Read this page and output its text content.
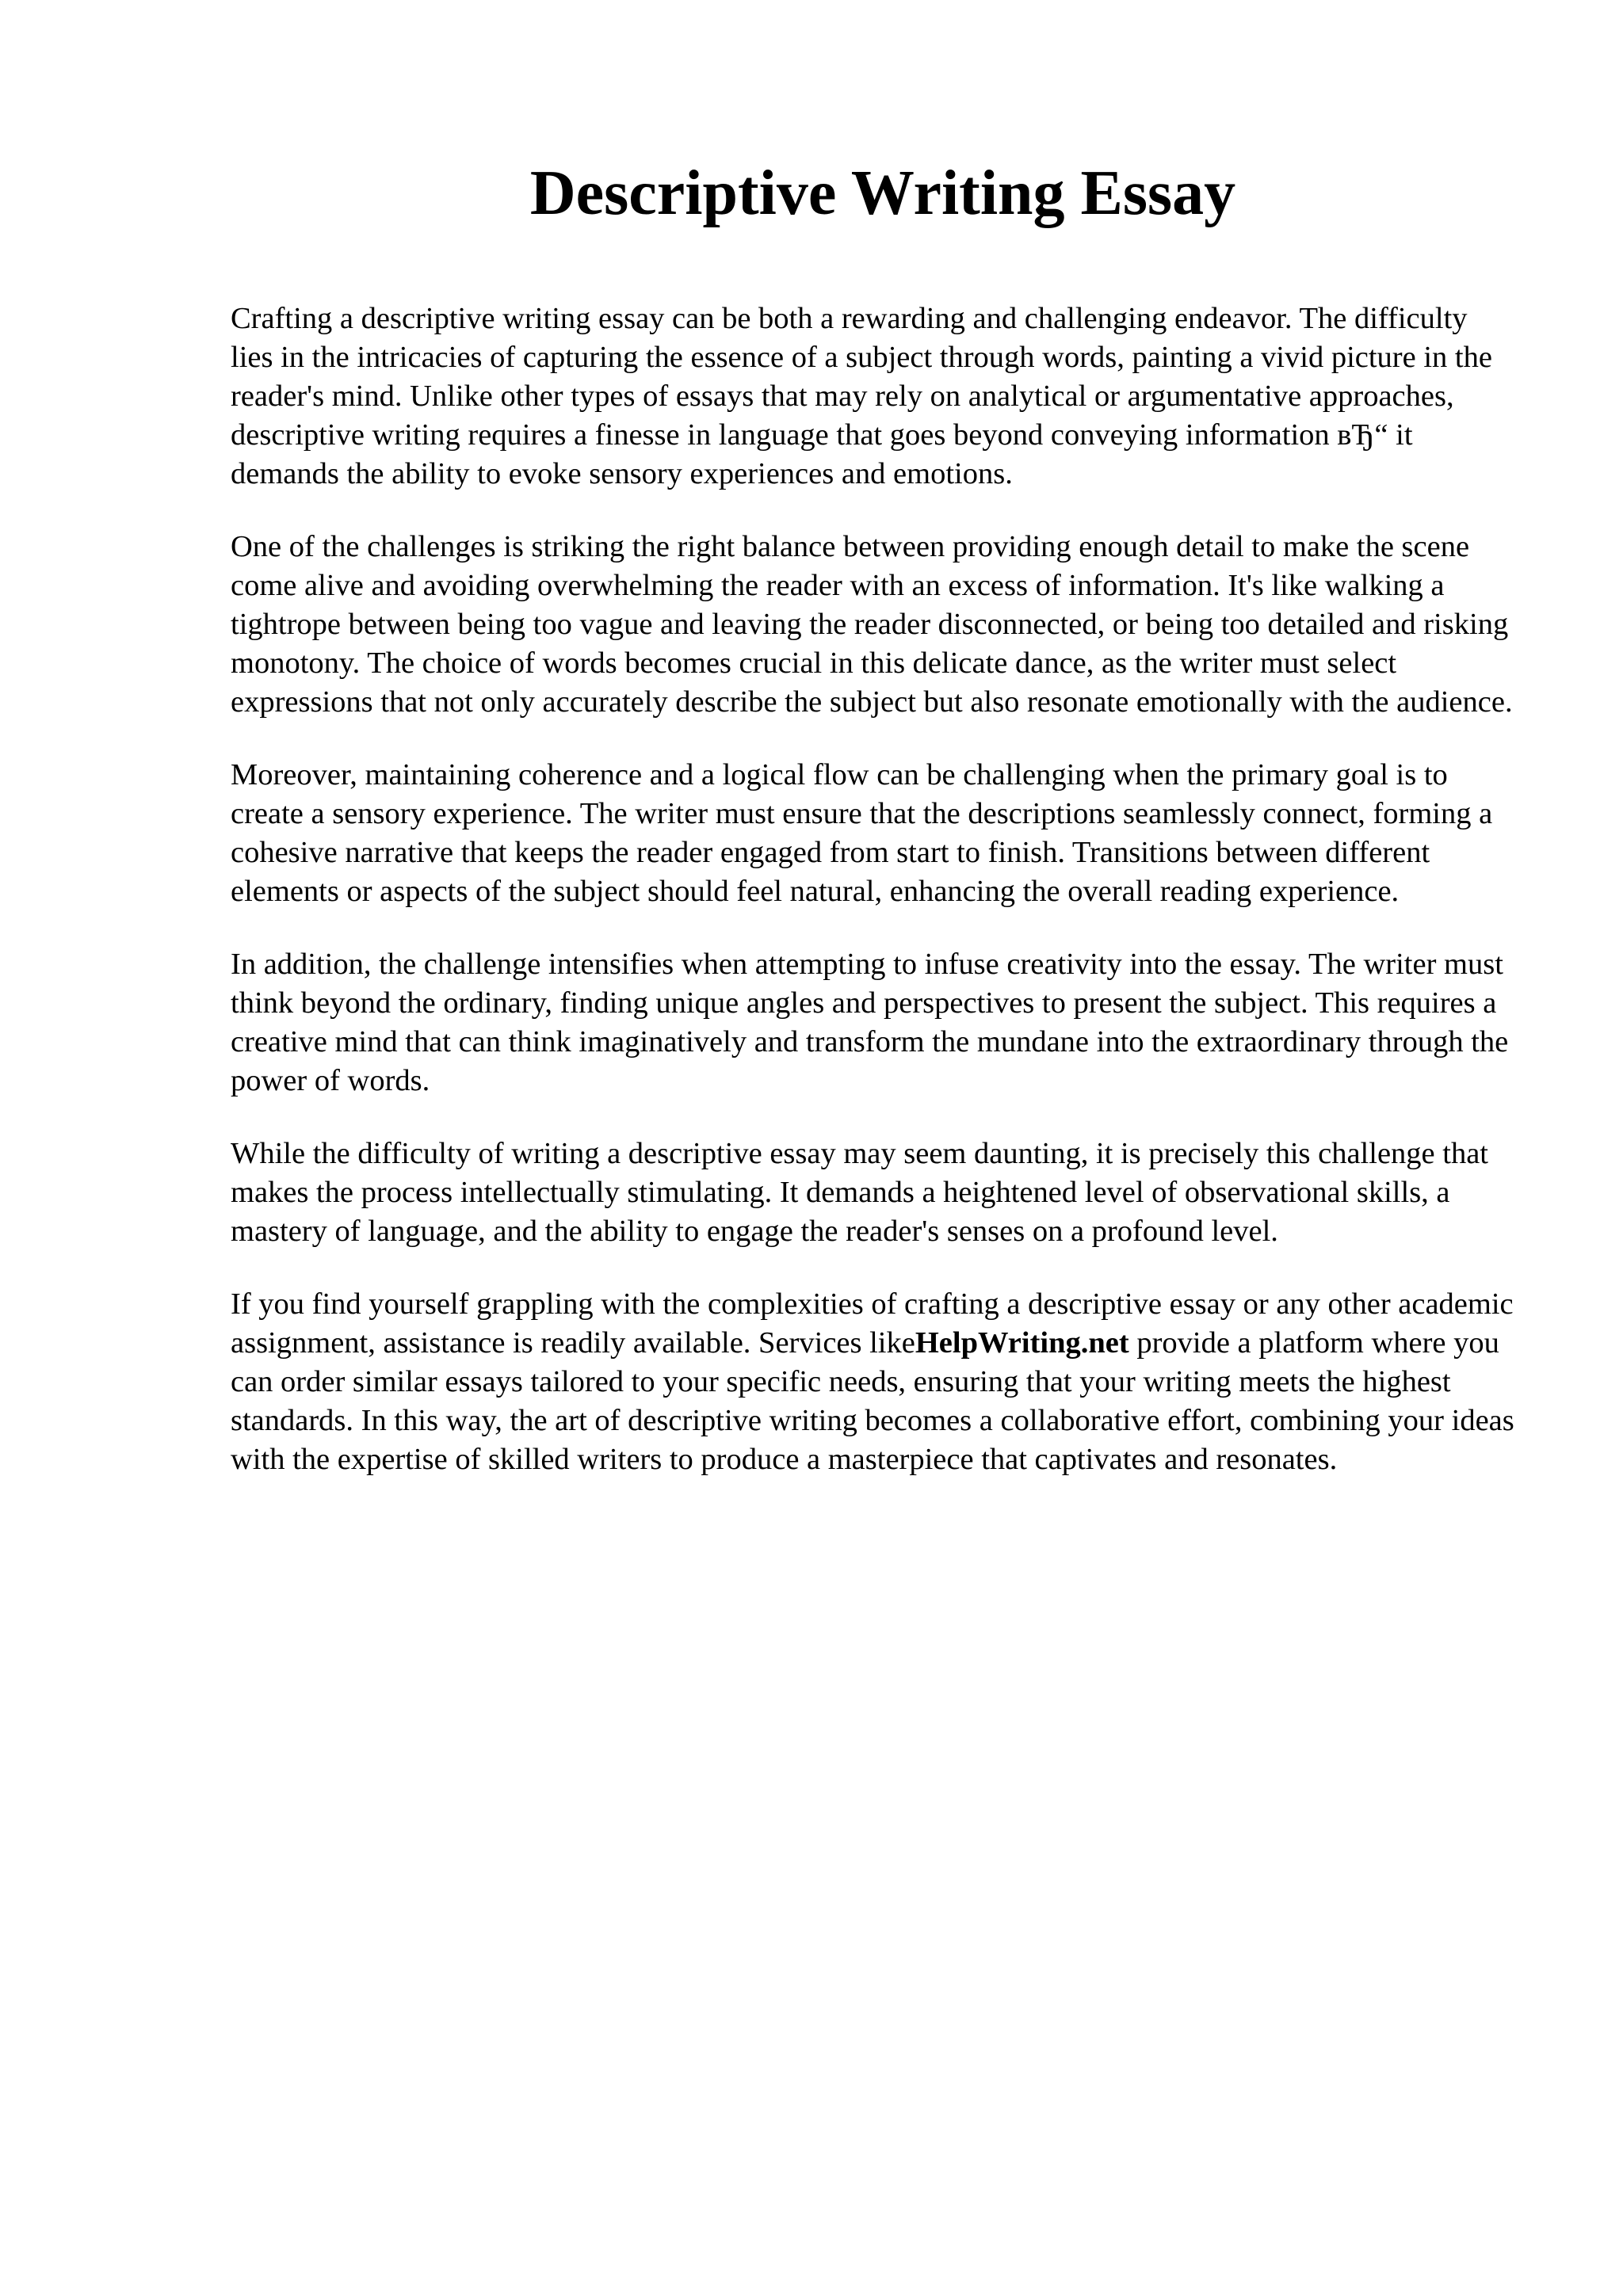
Descriptive Writing Essay

Crafting a descriptive writing essay can be both a rewarding and challenging endeavor. The difficulty lies in the intricacies of capturing the essence of a subject through words, painting a vivid picture in the reader's mind. Unlike other types of essays that may rely on analytical or argumentative approaches, descriptive writing requires a finesse in language that goes beyond conveying information вЂ“ it demands the ability to evoke sensory experiences and emotions.

One of the challenges is striking the right balance between providing enough detail to make the scene come alive and avoiding overwhelming the reader with an excess of information. It's like walking a tightrope between being too vague and leaving the reader disconnected, or being too detailed and risking monotony. The choice of words becomes crucial in this delicate dance, as the writer must select expressions that not only accurately describe the subject but also resonate emotionally with the audience.

Moreover, maintaining coherence and a logical flow can be challenging when the primary goal is to create a sensory experience. The writer must ensure that the descriptions seamlessly connect, forming a cohesive narrative that keeps the reader engaged from start to finish. Transitions between different elements or aspects of the subject should feel natural, enhancing the overall reading experience.

In addition, the challenge intensifies when attempting to infuse creativity into the essay. The writer must think beyond the ordinary, finding unique angles and perspectives to present the subject. This requires a creative mind that can think imaginatively and transform the mundane into the extraordinary through the power of words.

While the difficulty of writing a descriptive essay may seem daunting, it is precisely this challenge that makes the process intellectually stimulating. It demands a heightened level of observational skills, a mastery of language, and the ability to engage the reader's senses on a profound level.

If you find yourself grappling with the complexities of crafting a descriptive essay or any other academic assignment, assistance is readily available. Services likeHelpWriting.net provide a platform where you can order similar essays tailored to your specific needs, ensuring that your writing meets the highest standards. In this way, the art of descriptive writing becomes a collaborative effort, combining your ideas with the expertise of skilled writers to produce a masterpiece that captivates and resonates.
